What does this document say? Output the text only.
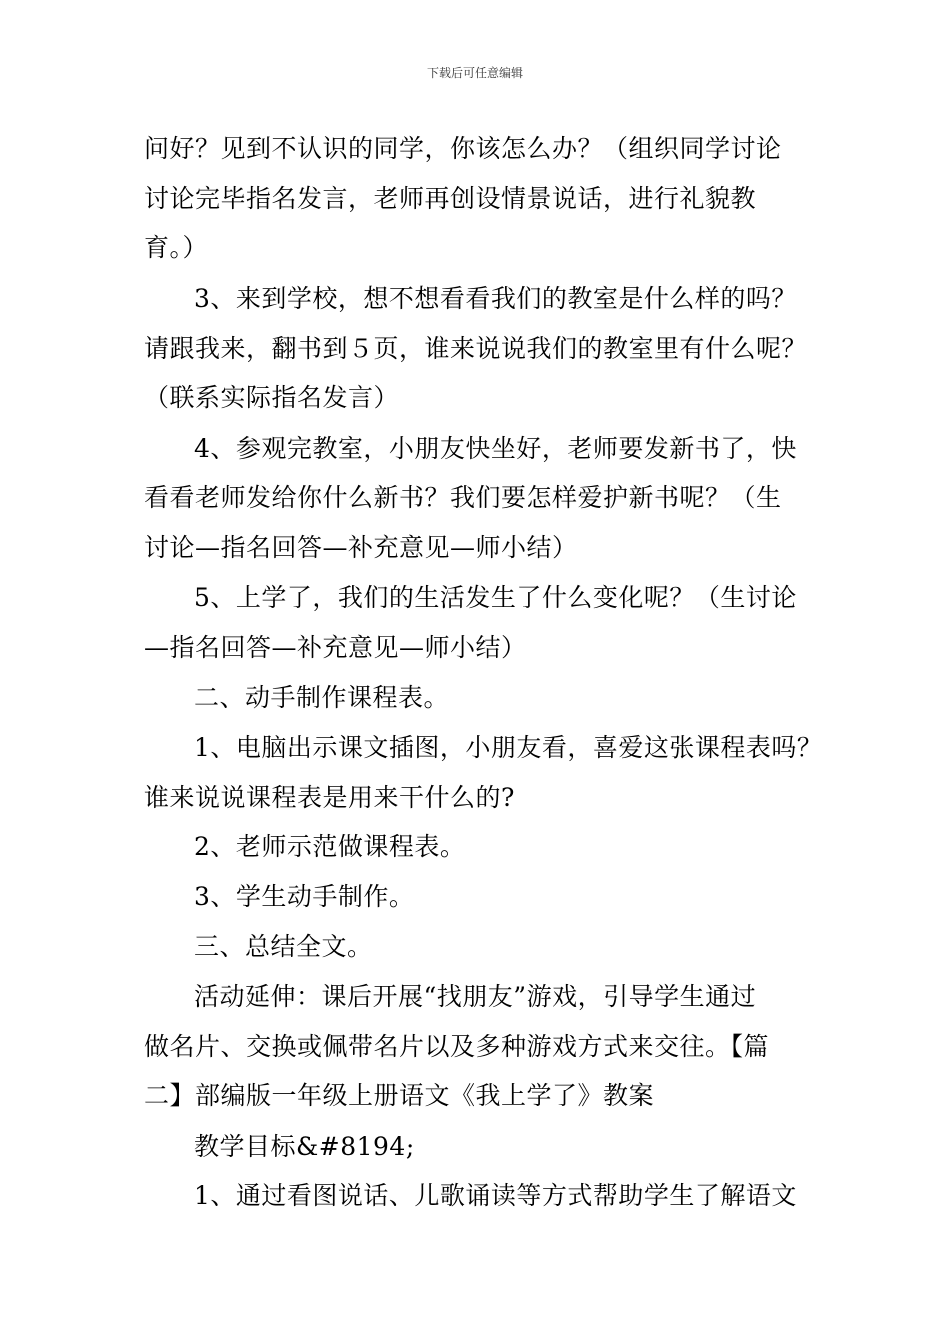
下载后可任意编辑
问好？见到不认识的同学，你该怎么办？（组织同学讨论
讨论完毕指名发言，老师再创设情景说话，进行礼貌教
育。）
3、来到学校，想不想看看我们的教室是什么样的吗？
请跟我来，翻书到５页，谁来说说我们的教室里有什么呢？
（联系实际指名发言）
4、参观完教室，小朋友快坐好，老师要发新书了，快
看看老师发给你什么新书？我们要怎样爱护新书呢？（生
讨论—指名回答—补充意见—师小结）
5、上学了，我们的生活发生了什么变化呢？（生讨论
—指名回答—补充意见—师小结）
二、动手制作课程表。
1、电脑出示课文插图，小朋友看，喜爱这张课程表吗？
谁来说说课程表是用来干什么的?
2、老师示范做课程表。
3、学生动手制作。
三、总结全文。
活动延伸：课后开展“找朋友”游戏，引导学生通过
做名片、交换或佩带名片以及多种游戏方式来交往。【篇
二】部编版一年级上册语文《我上学了》教案
教学目标&#8194;
1、通过看图说话、儿歌诵读等方式帮助学生了解语文
